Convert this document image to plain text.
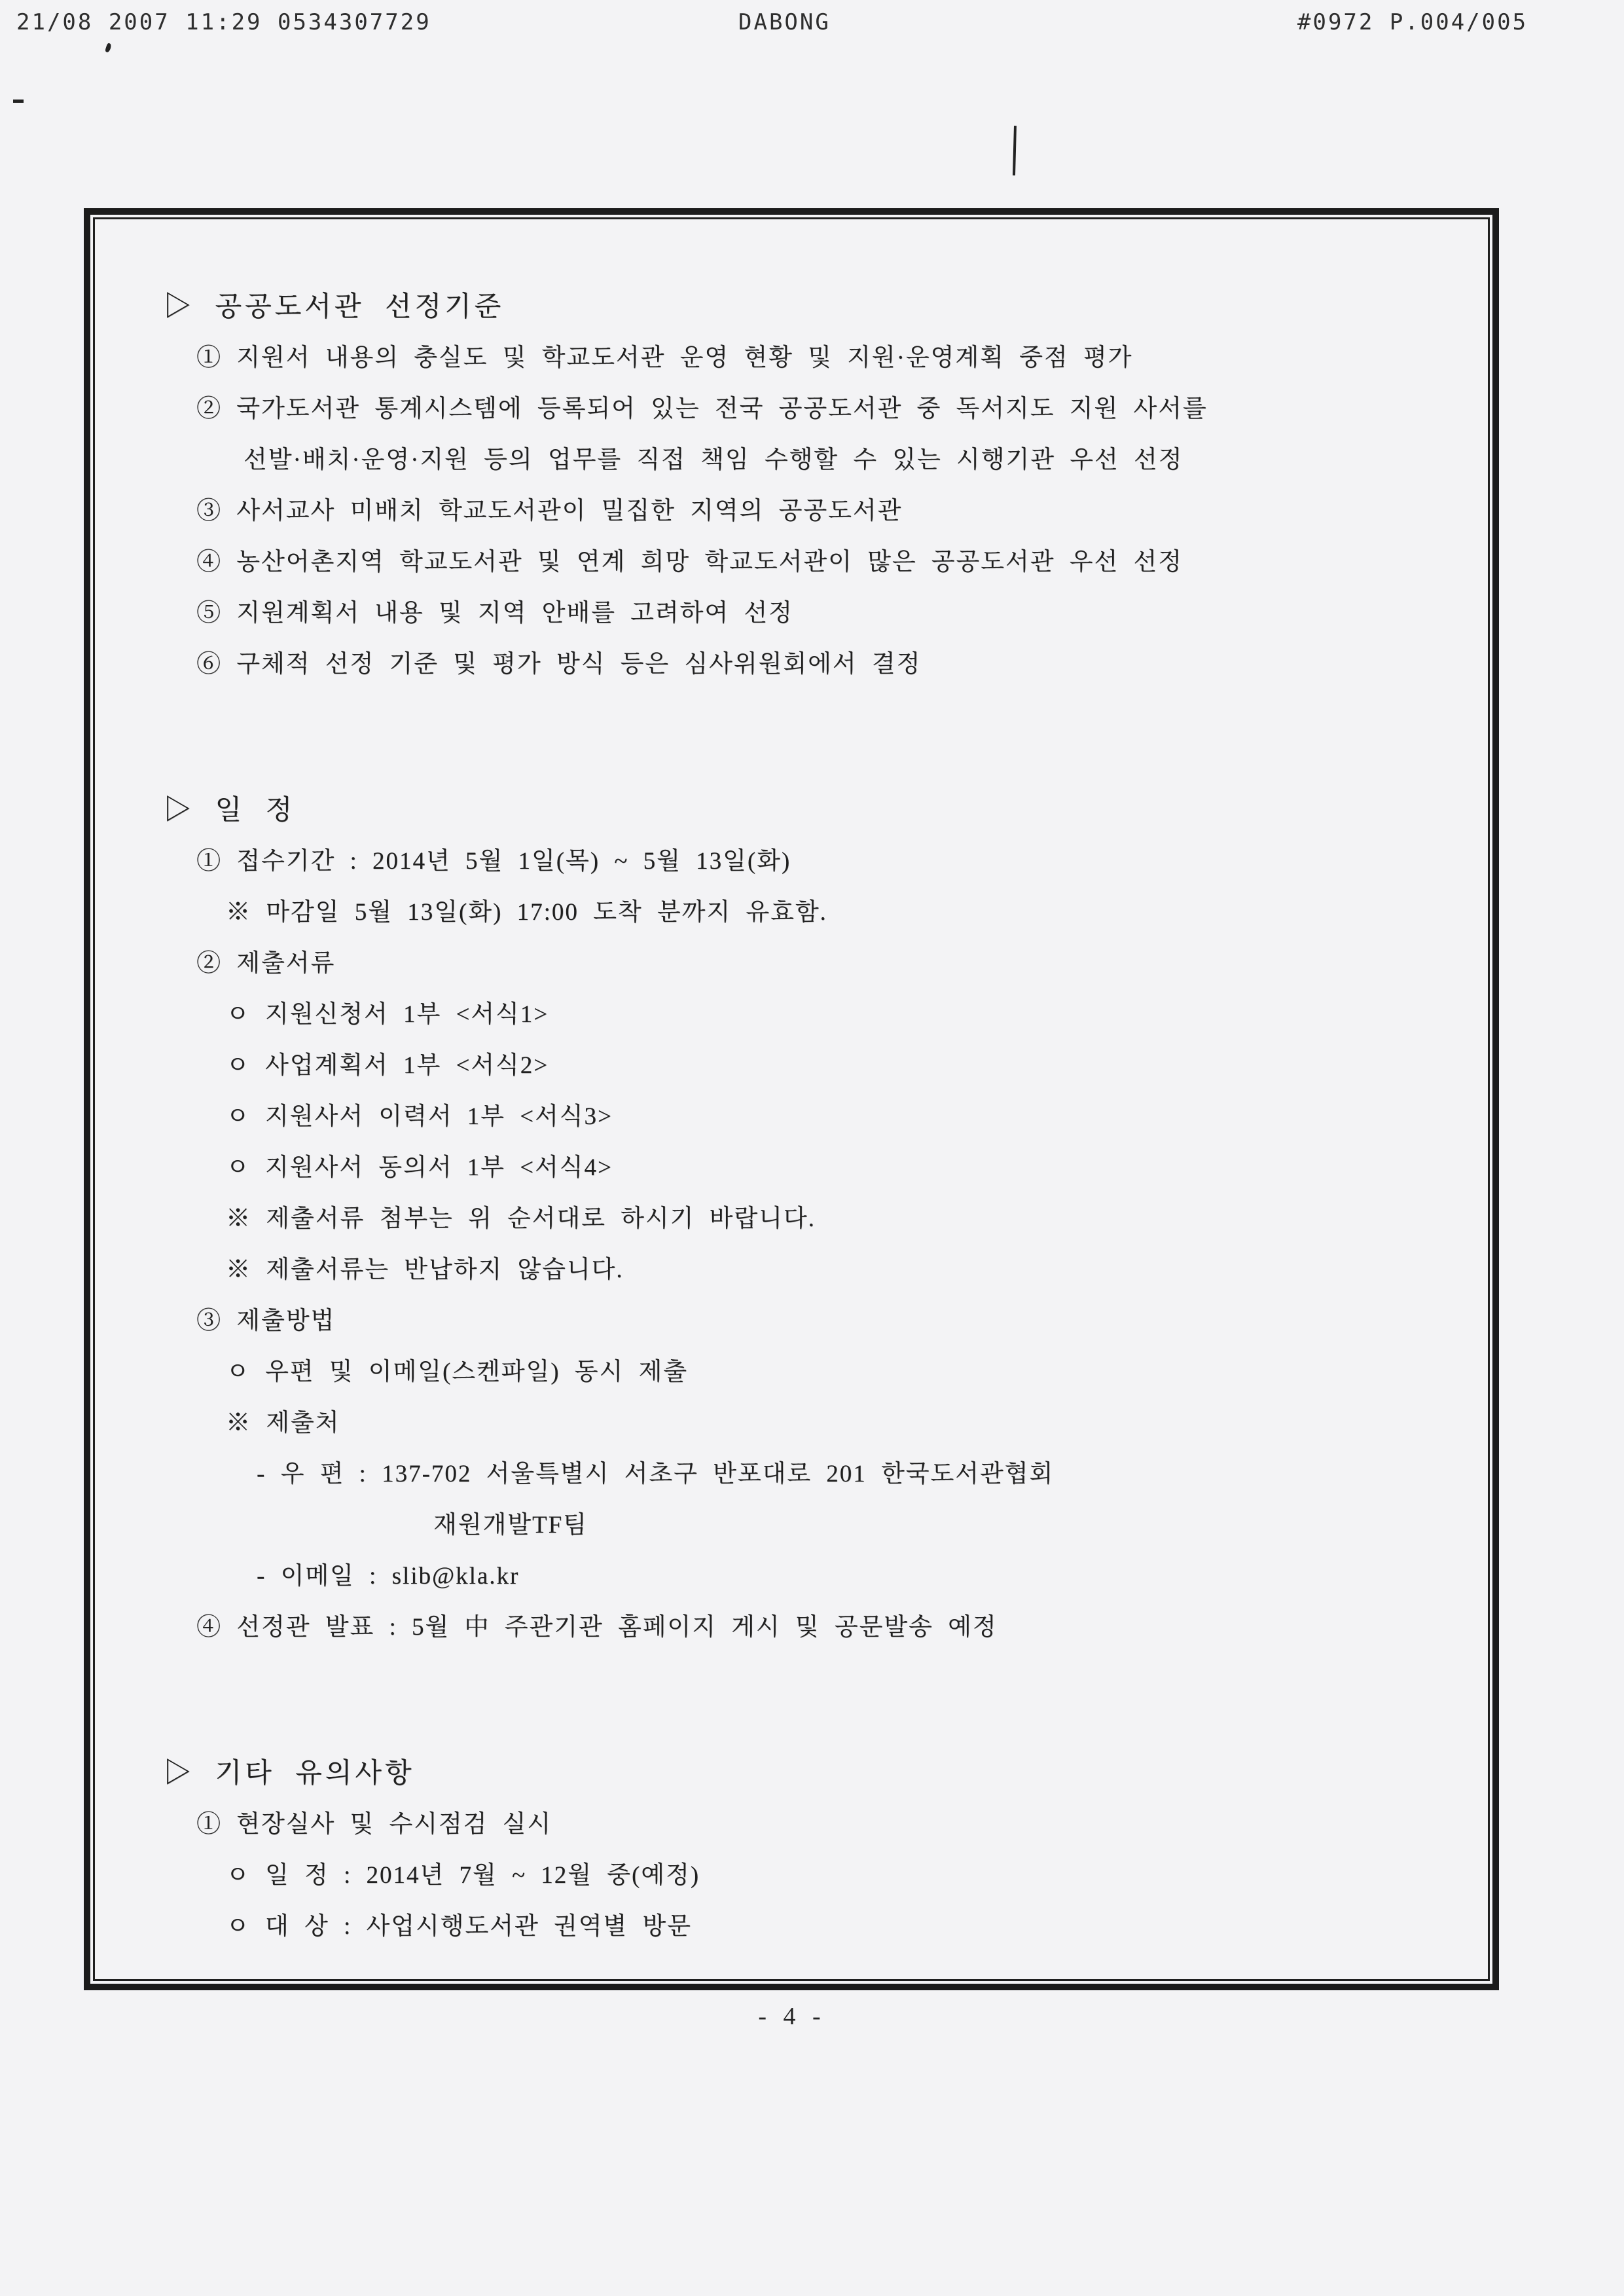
21/08 2007 11:29 0534307729	DABONG	#0972 P.004/005
▷ 공공도서관 선정기준
① 지원서 내용의 충실도 및 학교도서관 운영 현황 및 지원·운영계획 중점 평가
② 국가도서관 통계시스템에 등록되어 있는 전국 공공도서관 중 독서지도 지원 사서를
선발·배치·운영·지원 등의 업무를 직접 책임 수행할 수 있는 시행기관 우선 선정
③ 사서교사 미배치 학교도서관이 밀집한 지역의 공공도서관
④ 농산어촌지역 학교도서관 및 연계 희망 학교도서관이 많은 공공도서관 우선 선정
⑤ 지원계획서 내용 및 지역 안배를 고려하여 선정
⑥ 구체적 선정 기준 및 평가 방식 등은 심사위원회에서 결정
▷ 일 정
① 접수기간 : 2014년 5월 1일(목) ~ 5월 13일(화)
※ 마감일 5월 13일(화) 17:00 도착 분까지 유효함.
② 제출서류
ㅇ 지원신청서 1부 <서식1>
ㅇ 사업계획서 1부 <서식2>
ㅇ 지원사서 이력서 1부 <서식3>
ㅇ 지원사서 동의서 1부 <서식4>
※ 제출서류 첨부는 위 순서대로 하시기 바랍니다.
※ 제출서류는 반납하지 않습니다.
③ 제출방법
ㅇ 우편 및 이메일(스켄파일) 동시 제출
※ 제출처
- 우 편 : 137-702 서울특별시 서초구 반포대로 201 한국도서관협회
재원개발TF팀
- 이메일 : slib@kla.kr
④ 선정관 발표 : 5월 中 주관기관 홈페이지 게시 및 공문발송 예정
▷ 기타 유의사항
① 현장실사 및 수시점검 실시
ㅇ 일 정 : 2014년 7월 ~ 12월 중(예정)
ㅇ 대 상 : 사업시행도서관 권역별 방문
- 4 -
